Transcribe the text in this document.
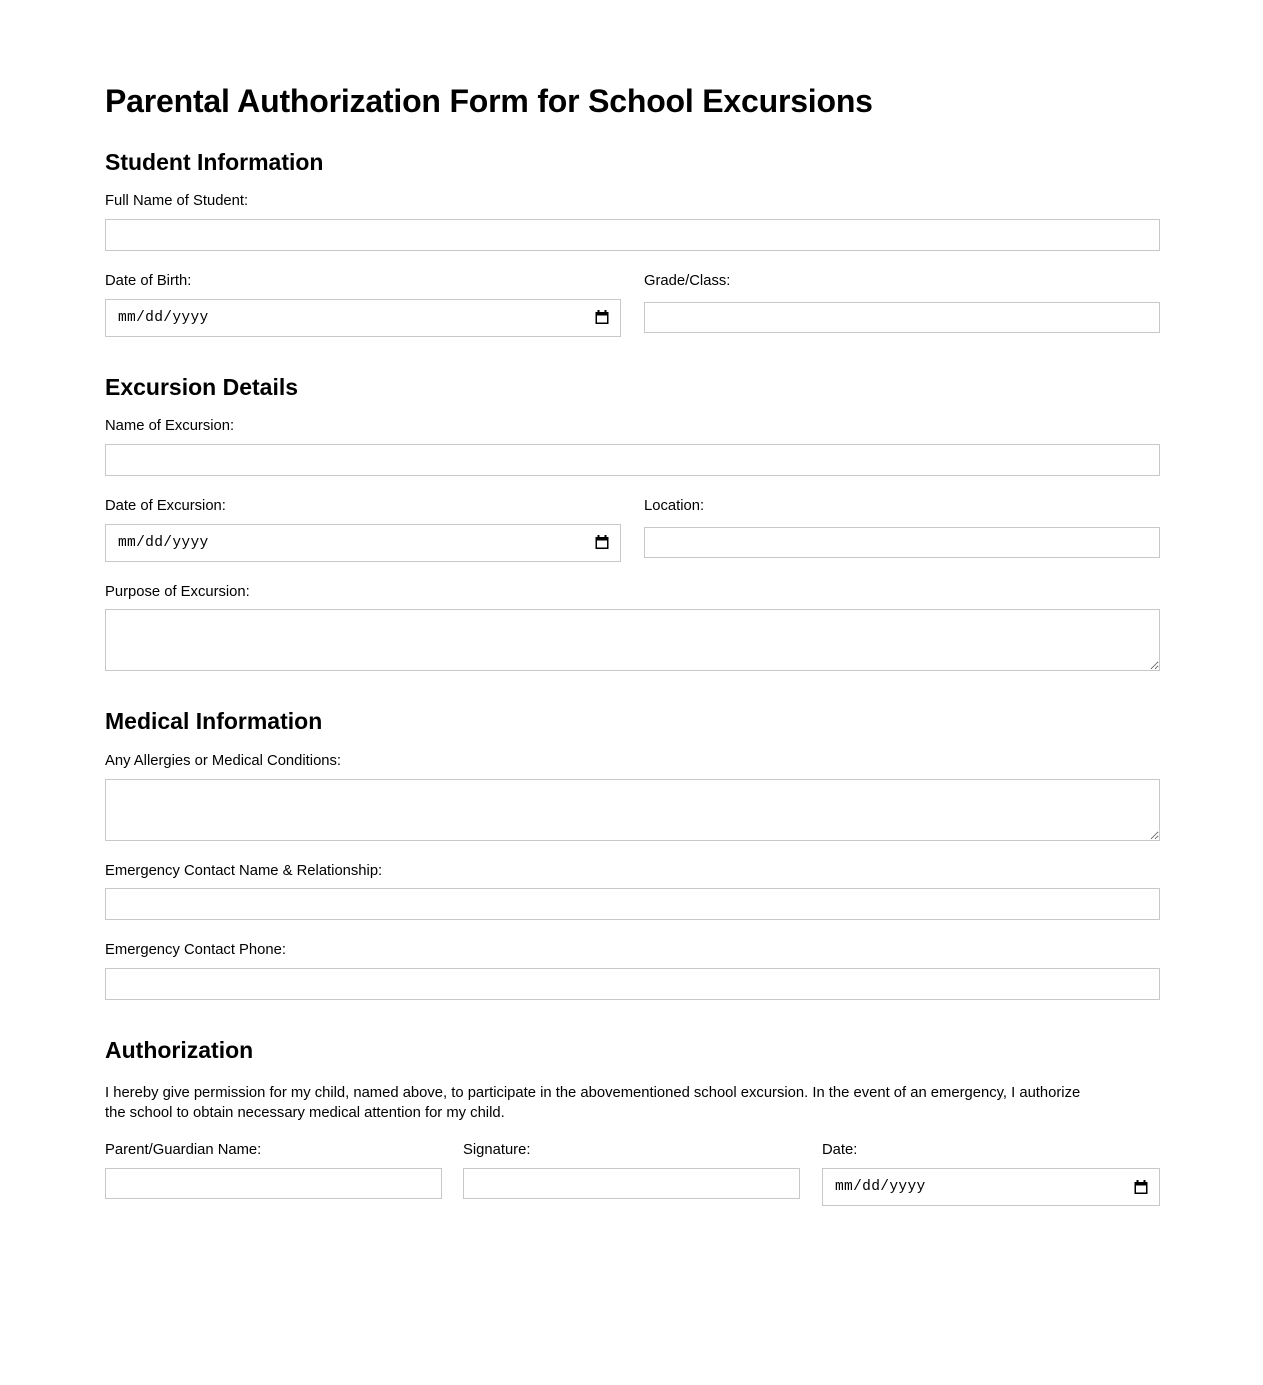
Parental Authorization Form for School Excursions
Student Information
Full Name of Student:
Date of Birth:
mm/dd/yyyy
Grade/Class:
Excursion Details
Name of Excursion:
Date of Excursion:
mm/dd/yyyy
Location:
Purpose of Excursion:
Medical Information
Any Allergies or Medical Conditions:
Emergency Contact Name & Relationship:
Emergency Contact Phone:
Authorization

I hereby give permission for my child, named above, to participate in the abovementioned school excursion. In the event of an emergency, I authorize the school to obtain necessary medical attention for my child.

Parent/Guardian Name:	Signature:	Date:
mm/dd/yyyy
